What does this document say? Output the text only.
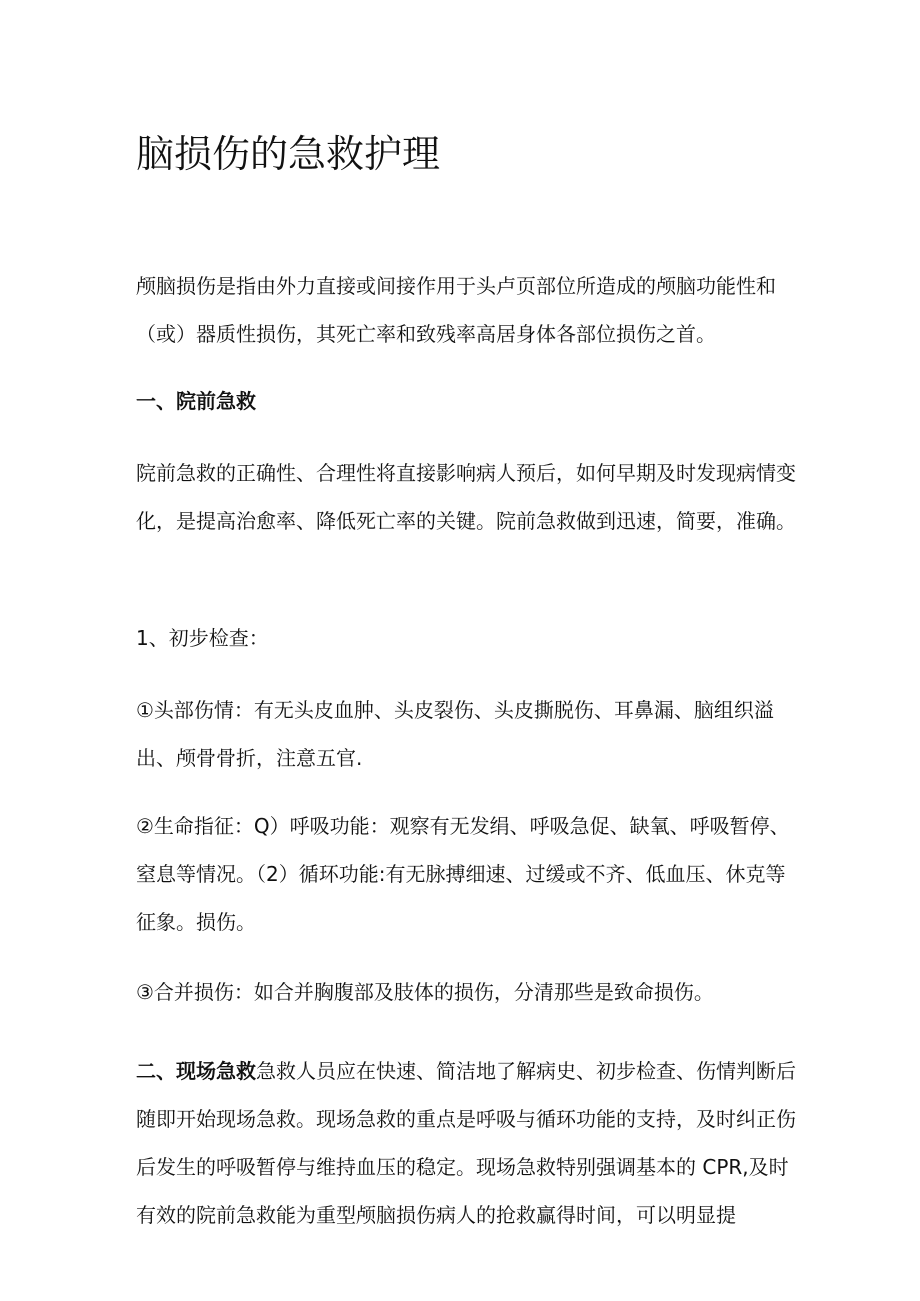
脑损伤的急救护理

颅脑损伤是指由外力直接或间接作用于头卢页部位所造成的颅脑功能性和（或）器质性损伤，其死亡率和致残率高居身体各部位损伤之首。

一、院前急救

院前急救的正确性、合理性将直接影响病人预后，如何早期及时发现病情变化，是提高治愈率、降低死亡率的关键。院前急救做到迅速，简要，准确。

1、初步检查：

①头部伤情：有无头皮血肿、头皮裂伤、头皮撕脱伤、耳鼻漏、脑组织溢出、颅骨骨折，注意五官.

②生命指征：Q）呼吸功能：观察有无发绢、呼吸急促、缺氧、呼吸暂停、窒息等情况。（2）循环功能:有无脉搏细速、过缓或不齐、低血压、休克等征象。损伤。

③合并损伤：如合并胸腹部及肢体的损伤，分清那些是致命损伤。

二、现场急救急救人员应在快速、简洁地了解病史、初步检查、伤情判断后随即开始现场急救。现场急救的重点是呼吸与循环功能的支持，及时纠正伤后发生的呼吸暂停与维持血压的稳定。现场急救特别强调基本的 CPR,及时有效的院前急救能为重型颅脑损伤病人的抢救赢得时间，可以明显提
